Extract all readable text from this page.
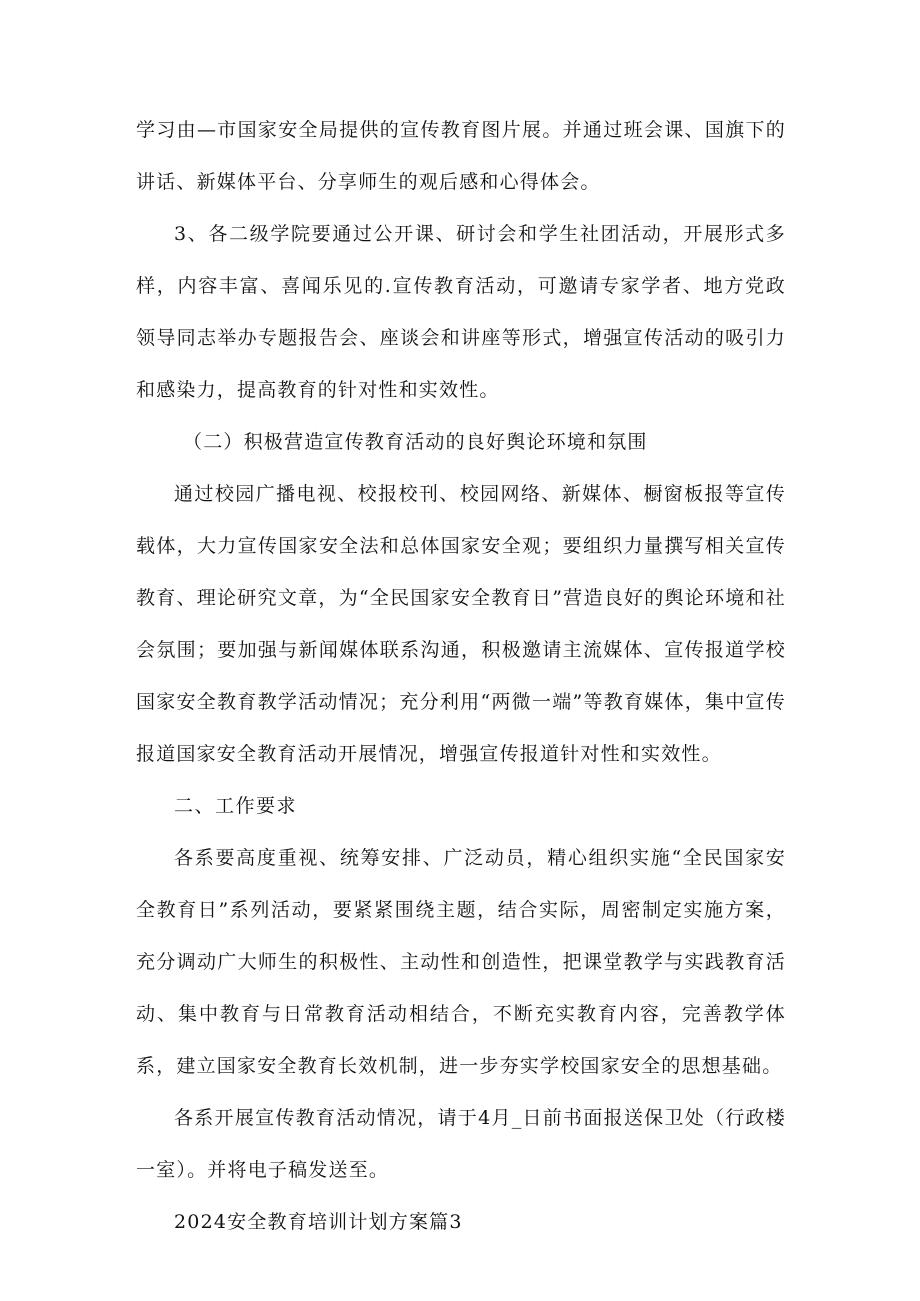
学习由—市国家安全局提供的宣传教育图片展。并通过班会课、国旗下的讲话、新媒体平台、分享师生的观后感和心得体会。

3、各二级学院要通过公开课、研讨会和学生社团活动，开展形式多样，内容丰富、喜闻乐见的.宣传教育活动，可邀请专家学者、地方党政领导同志举办专题报告会、座谈会和讲座等形式，增强宣传活动的吸引力和感染力，提高教育的针对性和实效性。

（二）积极营造宣传教育活动的良好舆论环境和氛围

通过校园广播电视、校报校刊、校园网络、新媒体、橱窗板报等宣传载体，大力宣传国家安全法和总体国家安全观；要组织力量撰写相关宣传教育、理论研究文章，为“全民国家安全教育日”营造良好的舆论环境和社会氛围；要加强与新闻媒体联系沟通，积极邀请主流媒体、宣传报道学校国家安全教育教学活动情况；充分利用“两微一端”等教育媒体，集中宣传报道国家安全教育活动开展情况，增强宣传报道针对性和实效性。

二、工作要求

各系要高度重视、统筹安排、广泛动员，精心组织实施“全民国家安全教育日”系列活动，要紧紧围绕主题，结合实际，周密制定实施方案，充分调动广大师生的积极性、主动性和创造性，把课堂教学与实践教育活动、集中教育与日常教育活动相结合，不断充实教育内容，完善教学体系，建立国家安全教育长效机制，进一步夯实学校国家安全的思想基础。

各系开展宣传教育活动情况，请于4月_日前书面报送保卫处（行政楼一室）。并将电子稿发送至。

2024安全教育培训计划方案篇3
